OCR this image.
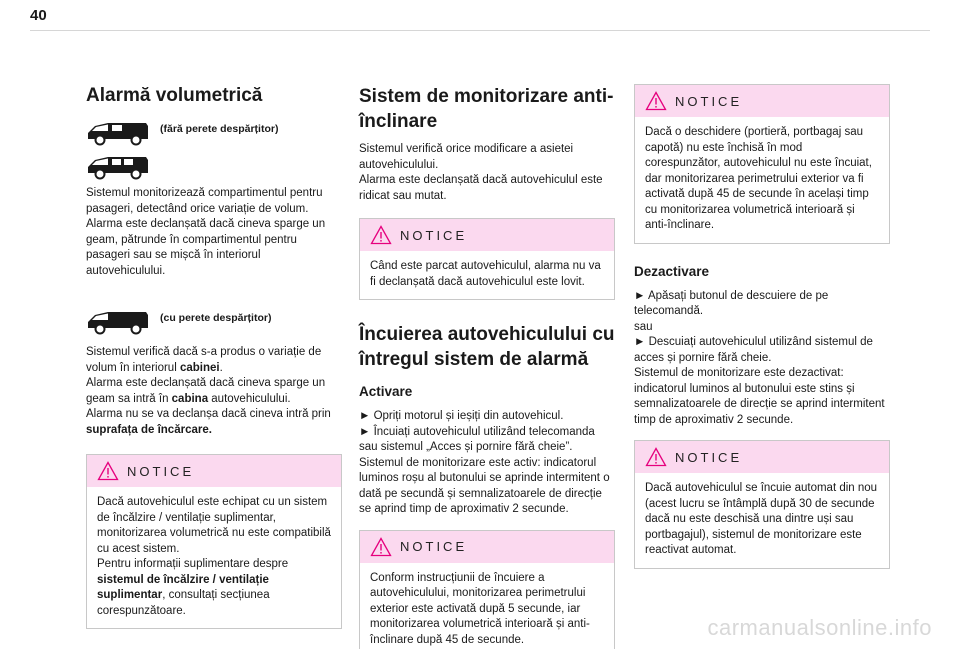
40
Alarmă volumetrică
(fără perete despărțitor)

Sistemul monitorizează compartimentul pentru pasageri, detectând orice variație de volum. Alarma este declanșată dacă cineva sparge un geam, pătrunde în compartimentul pentru pasageri sau se mișcă în interiorul autovehiculului.

(cu perete despărțitor)

Sistemul verifică dacă s-a produs o variație de volum în interiorul cabinei.
Alarma este declanșată dacă cineva sparge un geam sa intră în cabina autovehiculului.
Alarma nu se va declanșa dacă cineva intră prin suprafața de încărcare.

NOTICE
Dacă autovehiculul este echipat cu un sistem de încălzire / ventilație suplimentar, monitorizarea volumetrică nu este compatibilă cu acest sistem.
Pentru informații suplimentare despre sistemul de încălzire / ventilație suplimentar, consultați secțiunea corespunzătoare.
Sistem de monitorizare anti-înclinare

Sistemul verifică orice modificare a asietei autovehiculului.
Alarma este declanșată dacă autovehiculul este ridicat sau mutat.

NOTICE
Când este parcat autovehiculul, alarma nu va fi declanșată dacă autovehiculul este lovit.
Încuierea autovehiculului cu întregul sistem de alarmă
Activare

► Opriți motorul și ieșiți din autovehicul.
► Încuiați autovehiculul utilizând telecomanda sau sistemul „Acces și pornire fără cheie”.
Sistemul de monitorizare este activ: indicatorul luminos roșu al butonului se aprinde intermitent o dată pe secundă și semnalizatoarele de direcție se aprind timp de aproximativ 2 secunde.

NOTICE
Conform instrucțiunii de încuiere a autovehiculului, monitorizarea perimetrului exterior este activată după 5 secunde, iar monitorizarea volumetrică interioară și anti-înclinare după 45 de secunde.
NOTICE
Dacă o deschidere (portieră, portbagaj sau capotă) nu este închisă în mod corespunzător, autovehiculul nu este încuiat, dar monitorizarea perimetrului exterior va fi activată după 45 de secunde în același timp cu monitorizarea volumetrică interioară și anti-înclinare.
Dezactivare

► Apăsați butonul de descuiere de pe telecomandă.
sau
► Descuiați autovehiculul utilizând sistemul de acces și pornire fără cheie.
Sistemul de monitorizare este dezactivat: indicatorul luminos al butonului este stins și semnalizatoarele de direcție se aprind intermitent timp de aproximativ 2 secunde.

NOTICE
Dacă autovehiculul se încuie automat din nou (acest lucru se întâmplă după 30 de secunde dacă nu este deschisă una dintre uși sau portbagajul), sistemul de monitorizare este reactivat automat.
carmanualsonline.info
